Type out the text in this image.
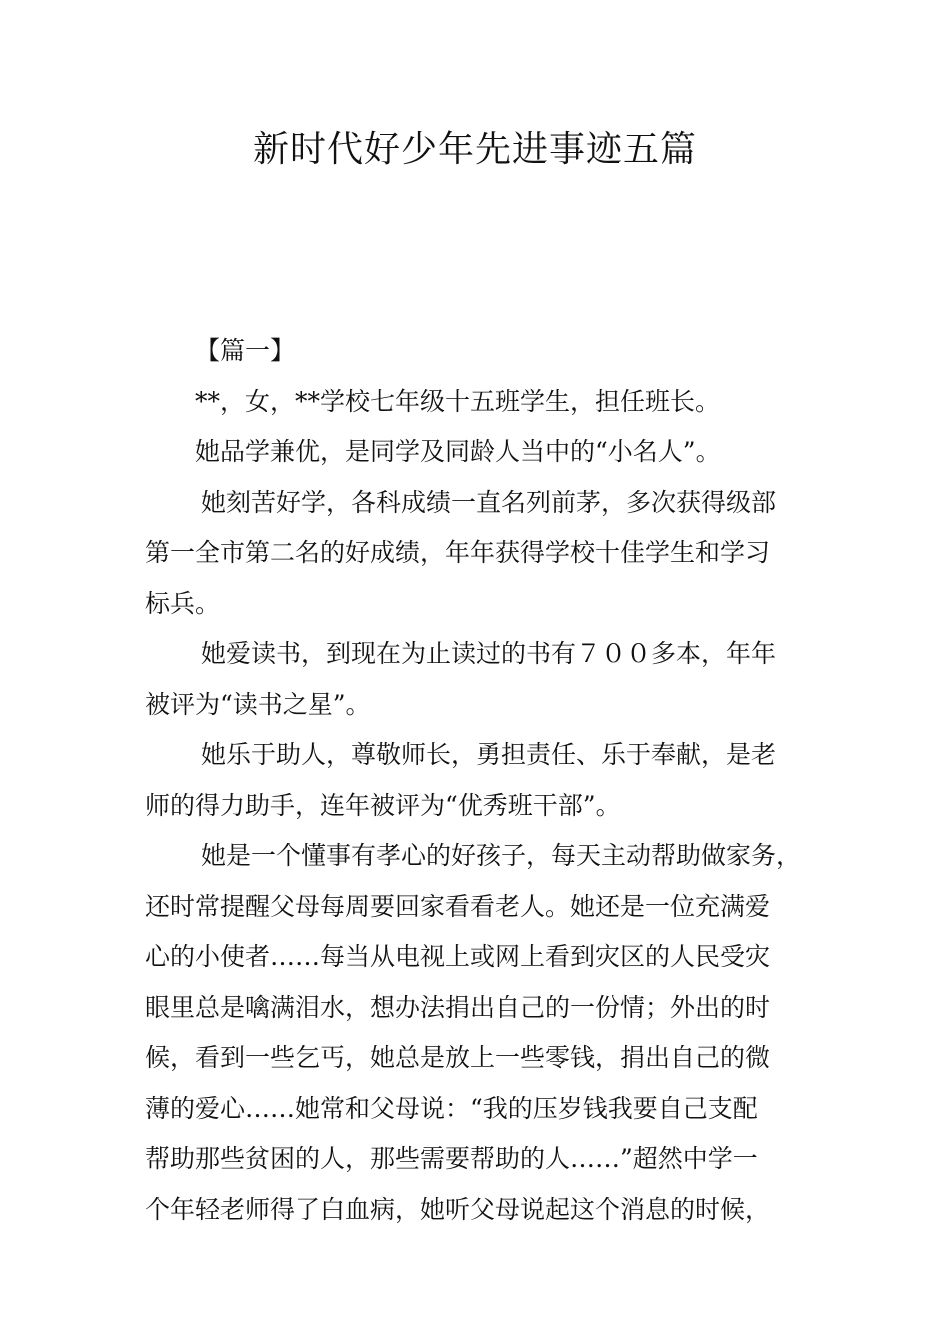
新时代好少年先进事迹五篇
【篇一】
**，女，**学校七年级十五班学生，担任班长。
她品学兼优，是同学及同龄人当中的“小名人”。
她刻苦好学，各科成绩一直名列前茅，多次获得级部
第一全市第二名的好成绩，年年获得学校十佳学生和学习
标兵。
她爱读书，到现在为止读过的书有７００多本，年年
被评为“读书之星”。
她乐于助人，尊敬师长，勇担责任、乐于奉献，是老
师的得力助手，连年被评为“优秀班干部”。
她是一个懂事有孝心的好孩子，每天主动帮助做家务，
还时常提醒父母每周要回家看看老人。她还是一位充满爱
心的小使者……每当从电视上或网上看到灾区的人民受灾
眼里总是噙满泪水，想办法捐出自己的一份情；外出的时
候，看到一些乞丐，她总是放上一些零钱，捐出自己的微
薄的爱心……她常和父母说：“我的压岁钱我要自己支配
帮助那些贫困的人，那些需要帮助的人……”超然中学一
个年轻老师得了白血病，她听父母说起这个消息的时候，
